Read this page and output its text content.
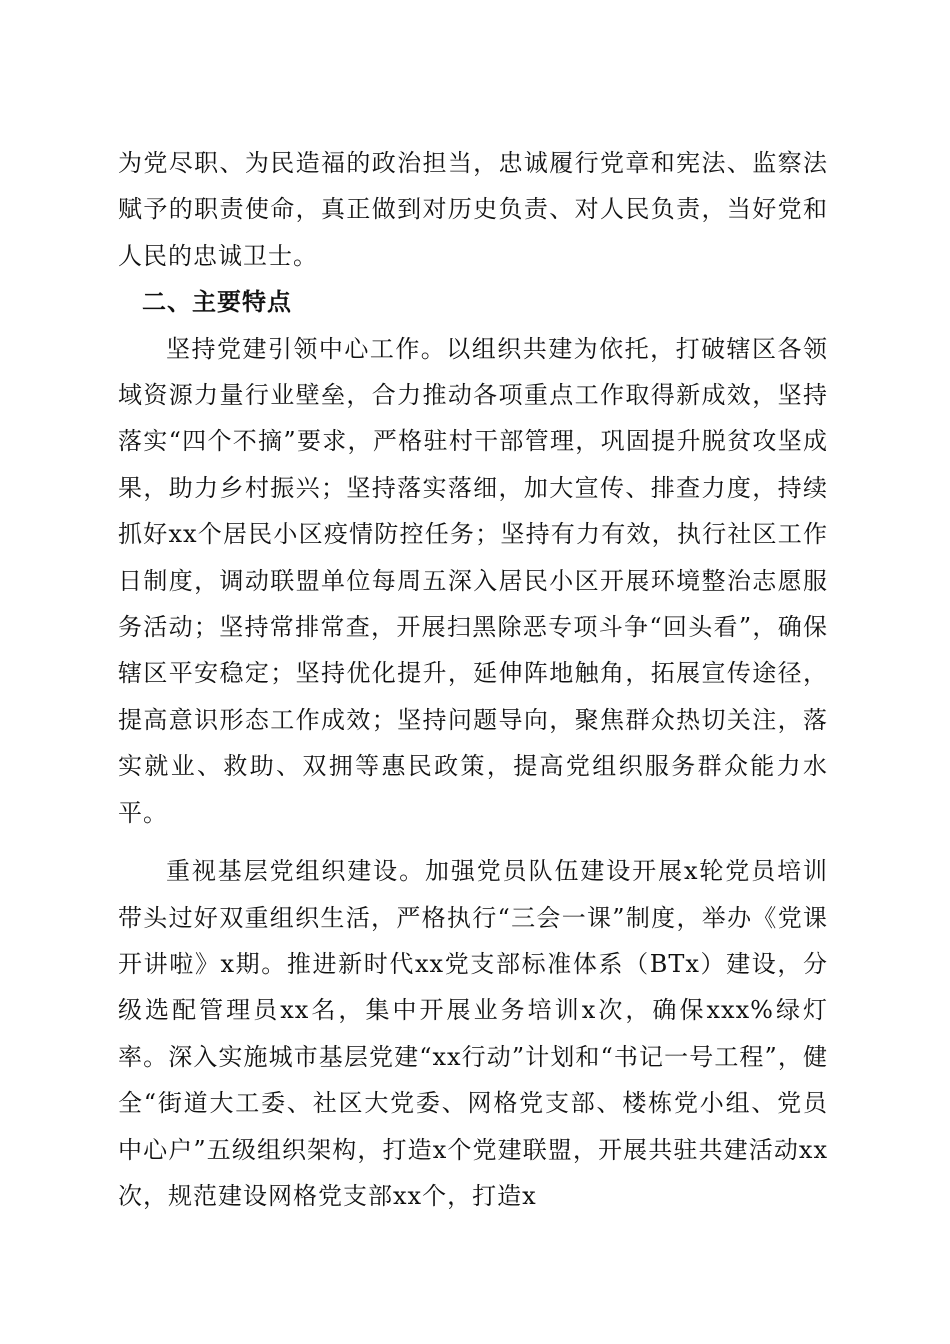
为党尽职、为民造福的政治担当，忠诚履行党章和宪法、监察法赋予的职责使命，真正做到对历史负责、对人民负责，当好党和人民的忠诚卫士。

二、主要特点

坚持党建引领中心工作。以组织共建为依托，打破辖区各领域资源力量行业壁垒，合力推动各项重点工作取得新成效，坚持落实“四个不摘”要求，严格驻村干部管理，巩固提升脱贫攻坚成果，助力乡村振兴；坚持落实落细，加大宣传、排查力度，持续抓好xx个居民小区疫情防控任务；坚持有力有效，执行社区工作日制度，调动联盟单位每周五深入居民小区开展环境整治志愿服务活动；坚持常排常查，开展扫黑除恶专项斗争“回头看”，确保辖区平安稳定；坚持优化提升，延伸阵地触角，拓展宣传途径，提高意识形态工作成效；坚持问题导向，聚焦群众热切关注，落实就业、救助、双拥等惠民政策，提高党组织服务群众能力水平。

重视基层党组织建设。加强党员队伍建设开展x轮党员培训带头过好双重组织生活，严格执行“三会一课”制度，举办《党课开讲啦》x期。推进新时代xx党支部标准体系（BTx）建设，分级选配管理员xx名，集中开展业务培训x次，确保xxx%绿灯率。深入实施城市基层党建“xx行动”计划和“书记一号工程”，健全“街道大工委、社区大党委、网格党支部、楼栋党小组、党员中心户”五级组织架构，打造x个党建联盟，开展共驻共建活动xx次，规范建设网格党支部xx个，打造x
